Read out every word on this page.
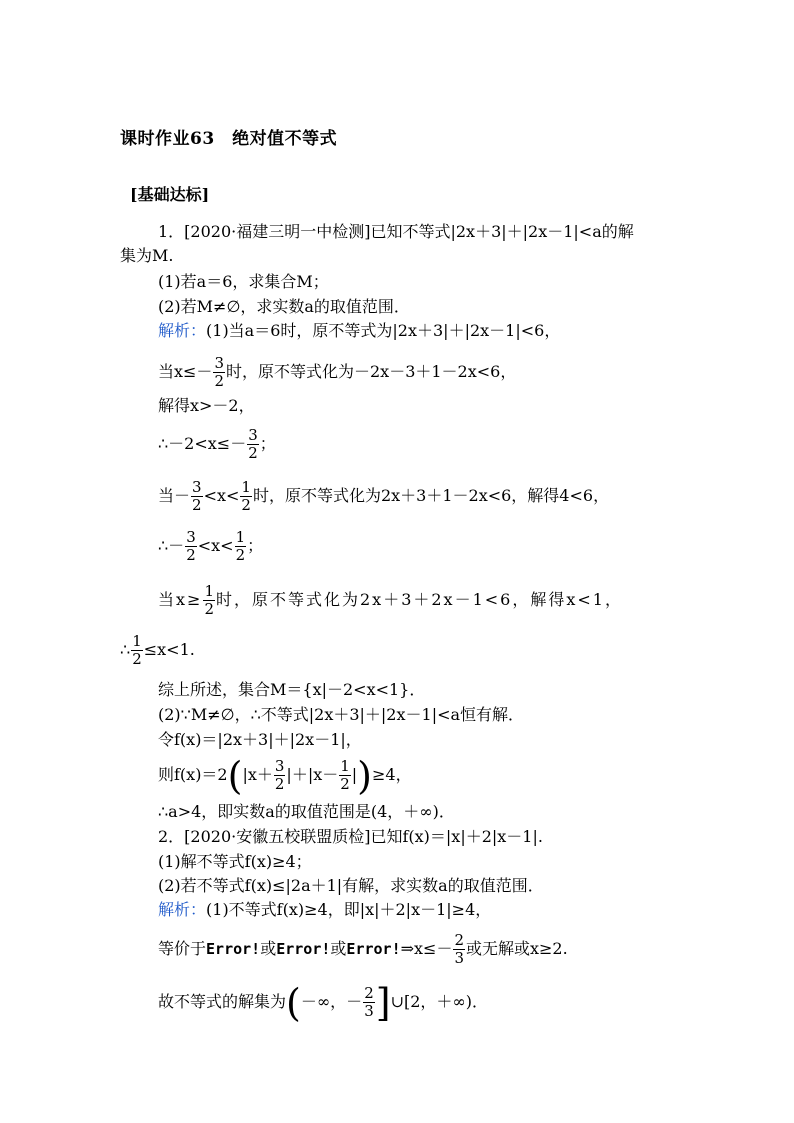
课时作业63　绝对值不等式
[基础达标]
1．[2020·福建三明一中检测]已知不等式|2x＋3|＋|2x－1|<a的解
集为M.
(1)若a＝6，求集合M；
(2)若M≠∅，求实数a的取值范围．
解析：(1)当a＝6时，原不等式为|2x＋3|＋|2x－1|<6，
当$x\le- \frac{3}{2}$ 时，原不等式化为－2x－3＋1－2x<6，
解得x>－2，
∴－2<x≤－ $\frac{3}{2}$ ；
当－ $\frac{3}{2} <x< \frac{1}{2}$ 时，原不等式化为2x＋3＋1－2x<6，解得4<6，
∴－ $\frac{3}{2} <x< \frac{1}{2}$ ；
当$x\ge \frac{1}{2}$ 时，原不等式化为2x＋3＋2x－1<6，解得x<1，
∴ $\frac{1}{2} \le x<1$.
综上所述，集合M＝{x|－2<x<1}．
(2)∵M≠∅，∴不等式|2x＋3|＋|2x－1|<a恒有解．
令f(x)＝|2x＋3|＋|2x－1|，
则$f(x)=2(|x+ \frac{3}{2} |+|x- \frac{1}{2} |)\ge 4$，
∴a>4，即实数a的取值范围是(4，＋∞)．
2．[2020·安徽五校联盟质检]已知f(x)＝|x|＋2|x－1|.
(1)解不等式f(x)≥4；
(2)若不等式f(x)≤|2a＋1|有解，求实数a的取值范围．
解析：(1)不等式f(x)≥4，即|x|＋2|x－1|≥4，
等价于Error!或Error!或Error!⇒x≤－ $\frac{2}{3}$ 或无解或x≥2.
故不等式的解集为(－∞，－ $\frac{2}{3}$ ]∪[2，＋∞)．
